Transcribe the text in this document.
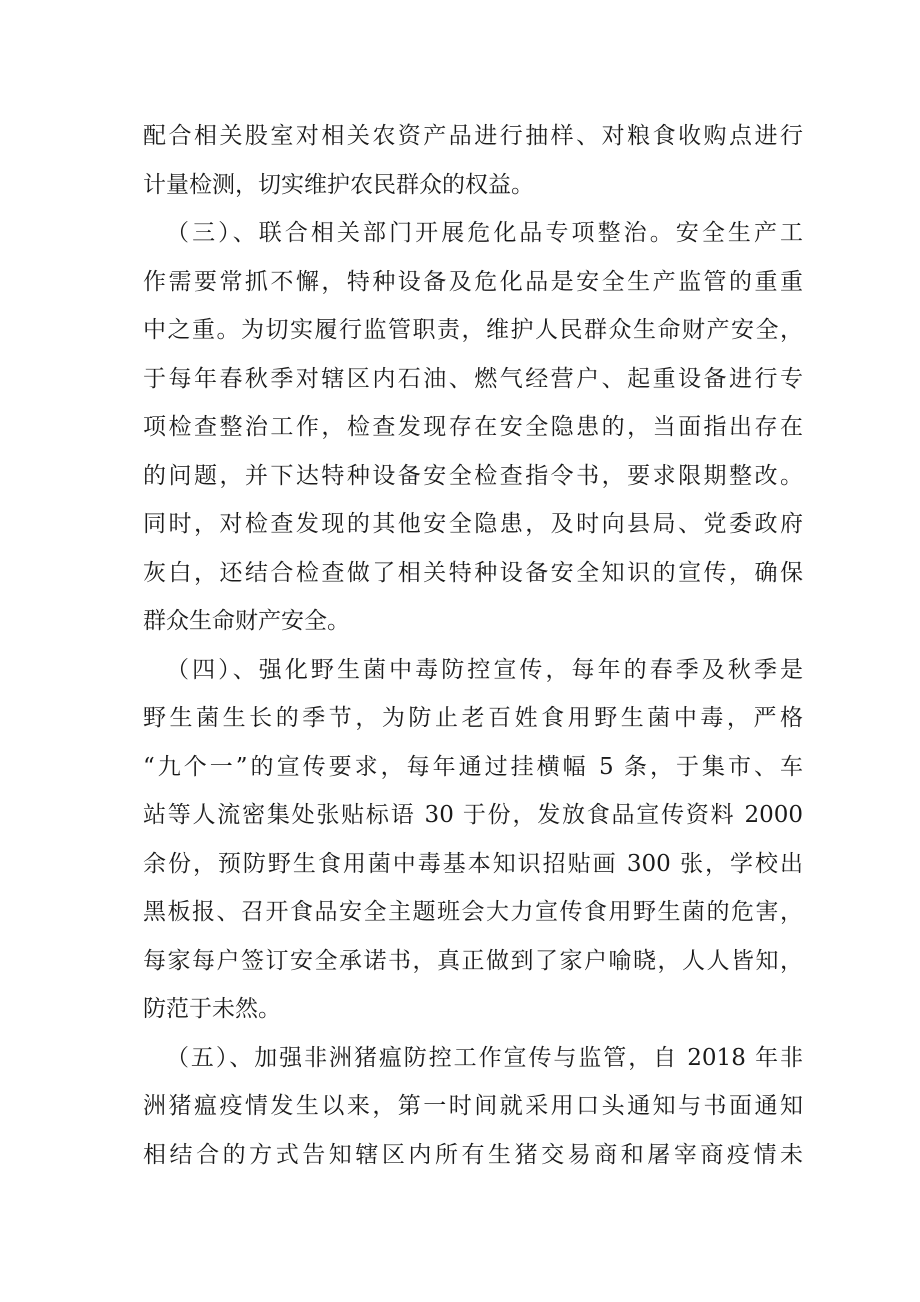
配合相关股室对相关农资产品进行抽样、对粮食收购点进行
计量检测，切实维护农民群众的权益。
（三）、联合相关部门开展危化品专项整治。安全生产工
作需要常抓不懈，特种设备及危化品是安全生产监管的重重
中之重。为切实履行监管职责，维护人民群众生命财产安全，
于每年春秋季对辖区内石油、燃气经营户、起重设备进行专
项检查整治工作，检查发现存在安全隐患的，当面指出存在
的问题，并下达特种设备安全检查指令书，要求限期整改。
同时，对检查发现的其他安全隐患，及时向县局、党委政府
灰白，还结合检查做了相关特种设备安全知识的宣传，确保
群众生命财产安全。
（四）、强化野生菌中毒防控宣传，每年的春季及秋季是
野生菌生长的季节，为防止老百姓食用野生菌中毒，严格
“九个一”的宣传要求，每年通过挂横幅 5 条，于集市、车
站等人流密集处张贴标语 30 于份，发放食品宣传资料 2000
余份，预防野生食用菌中毒基本知识招贴画 300 张，学校出
黑板报、召开食品安全主题班会大力宣传食用野生菌的危害，
每家每户签订安全承诺书，真正做到了家户喻晓，人人皆知，
防范于未然。
（五）、加强非洲猪瘟防控工作宣传与监管，自 2018 年非
洲猪瘟疫情发生以来，第一时间就采用口头通知与书面通知
相结合的方式告知辖区内所有生猪交易商和屠宰商疫情未
